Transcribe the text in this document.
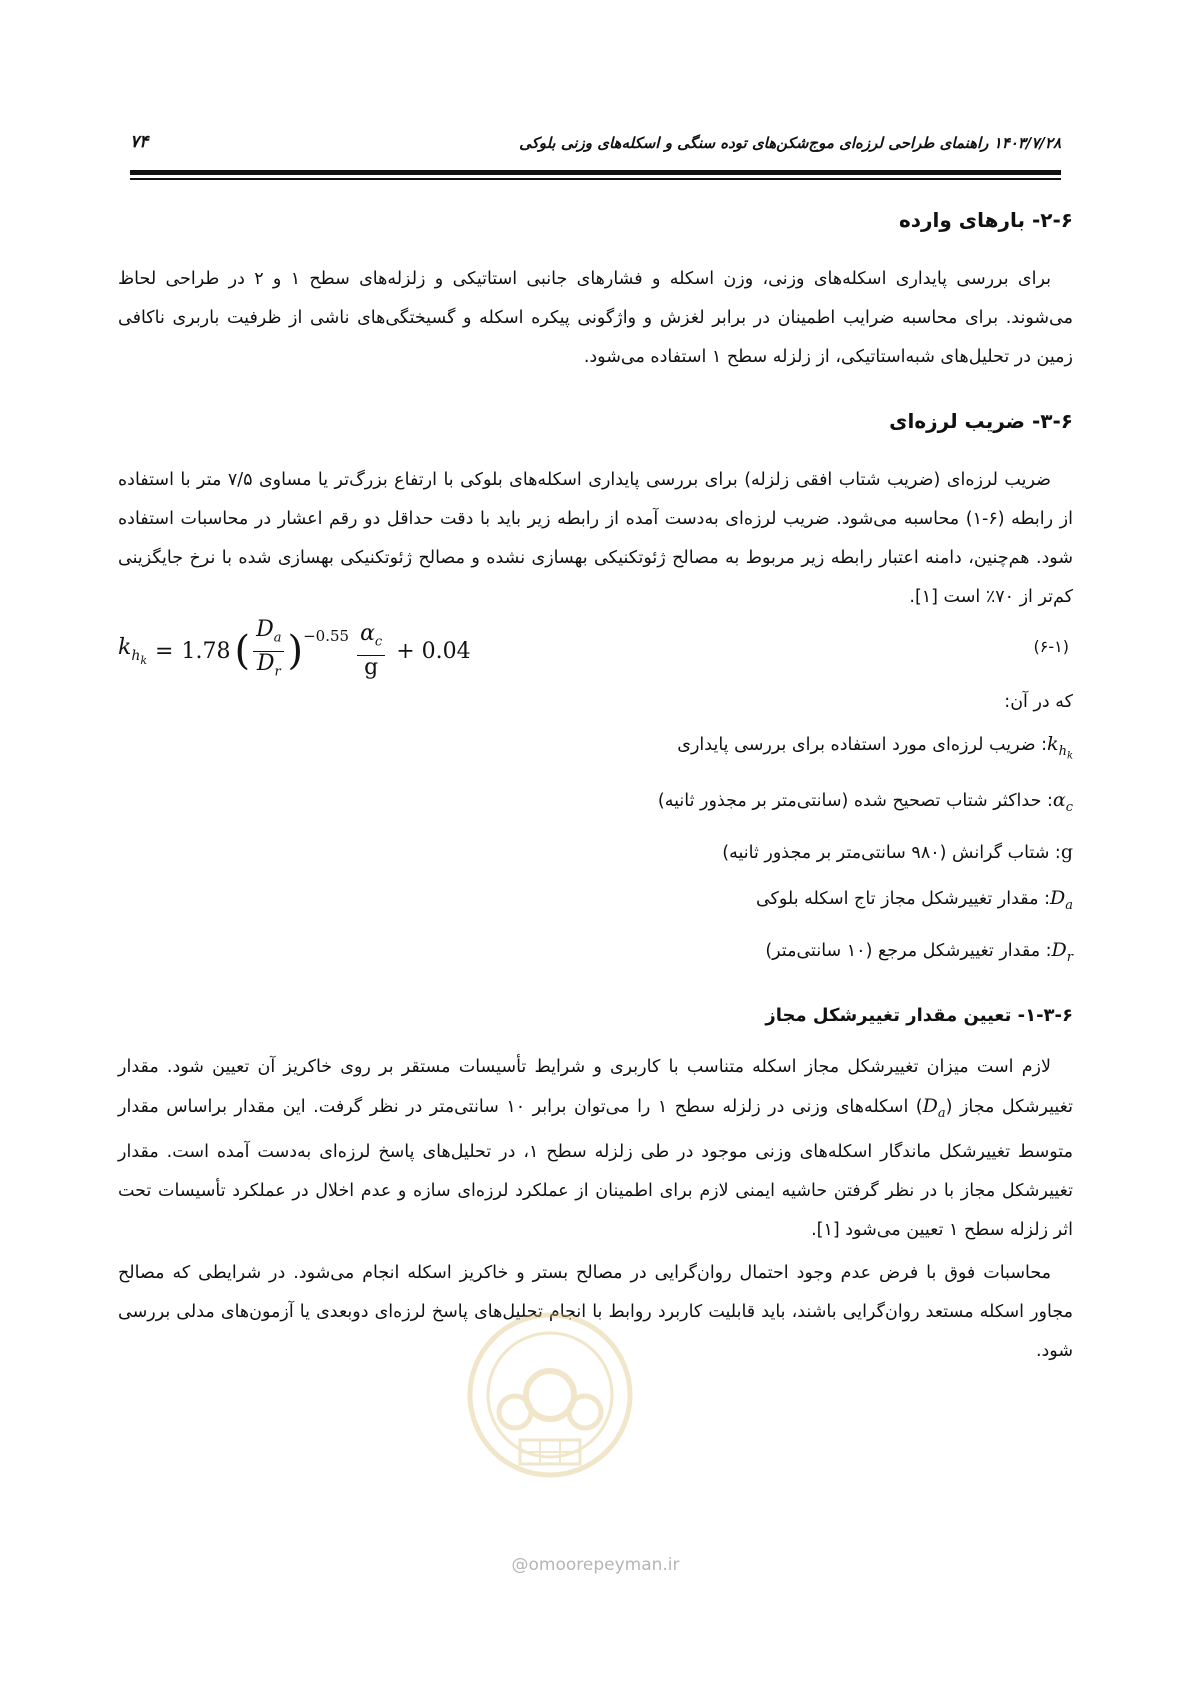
۷۴	۱۴۰۳/۷/۲۸ راهنمای طراحی لرزه‌ای موج‌شکن‌های توده سنگی و اسکله‌های وزنی بلوکی
۲-۶- بارهای وارده

برای بررسی پایداری اسکله‌های وزنی، وزن اسکله و فشارهای جانبی استاتیکی و زلزله‌های سطح ۱ و ۲ در طراحی لحاظ می‌شوند. برای محاسبه ضرایب اطمینان در برابر لغزش و واژگونی پیکره اسکله و گسیختگی‌های ناشی از ظرفیت باربری ناکافی زمین در تحلیل‌های شبه‌استاتیکی، از زلزله سطح ۱ استفاده می‌شود.

۳-۶- ضریب لرزه‌ای

ضریب لرزه‌ای (ضریب شتاب افقی زلزله) برای بررسی پایداری اسکله‌های بلوکی با ارتفاع بزرگ‌تر یا مساوی ۷/۵ متر با استفاده از رابطه (۶-۱) محاسبه می‌شود. ضریب لرزه‌ای به‌دست آمده از رابطه زیر باید با دقت حداقل دو رقم اعشار در محاسبات استفاده شود. هم‌چنین، دامنه اعتبار رابطه زیر مربوط به مصالح ژئوتکنیکی بهسازی نشده و مصالح ژئوتکنیکی بهسازی شده با نرخ جایگزینی کم‌تر از ۷۰٪ است [۱].

$k_{h_k} = 1.78$ ( $\frac{D_a}{D_r} )^{-0.55} \frac{\alpha_c}{g} + 0.04$	(۶-۱)
که در آن:
$k_{h_k}$: ضریب لرزه‌ای مورد استفاده برای بررسی پایداری
$\alpha_c$: حداکثر شتاب تصحیح شده (سانتی‌متر بر مجذور ثانیه)
g: شتاب گرانش (۹۸۰ سانتی‌متر بر مجذور ثانیه)
$D_a$: مقدار تغییرشکل مجاز تاج اسکله بلوکی
$D_r$: مقدار تغییرشکل مرجع (۱۰ سانتی‌متر)
۱-۳-۶- تعیین مقدار تغییرشکل مجاز

لازم است میزان تغییرشکل مجاز اسکله متناسب با کاربری و شرایط تأسیسات مستقر بر روی خاکریز آن تعیین شود. مقدار تغییرشکل مجاز $(D_a)$ اسکله‌های وزنی در زلزله سطح ۱ را می‌توان برابر ۱۰ سانتی‌متر در نظر گرفت. این مقدار براساس مقدار متوسط تغییرشکل ماندگار اسکله‌های وزنی موجود در طی زلزله سطح ۱، در تحلیل‌های پاسخ لرزه‌ای به‌دست آمده است. مقدار تغییرشکل مجاز با در نظر گرفتن حاشیه ایمنی لازم برای اطمینان از عملکرد لرزه‌ای سازه و عدم اخلال در عملکرد تأسیسات تحت اثر زلزله سطح ۱ تعیین می‌شود [۱].

محاسبات فوق با فرض عدم وجود احتمال روان‌گرایی در مصالح بستر و خاکریز اسکله انجام می‌شود. در شرایطی که مصالح مجاور اسکله مستعد روان‌گرایی باشند، باید قابلیت کاربرد روابط با انجام تحلیل‌های پاسخ لرزه‌ای دوبعدی یا آزمون‌های مدلی بررسی شود.

@omoorepeyman.ir
